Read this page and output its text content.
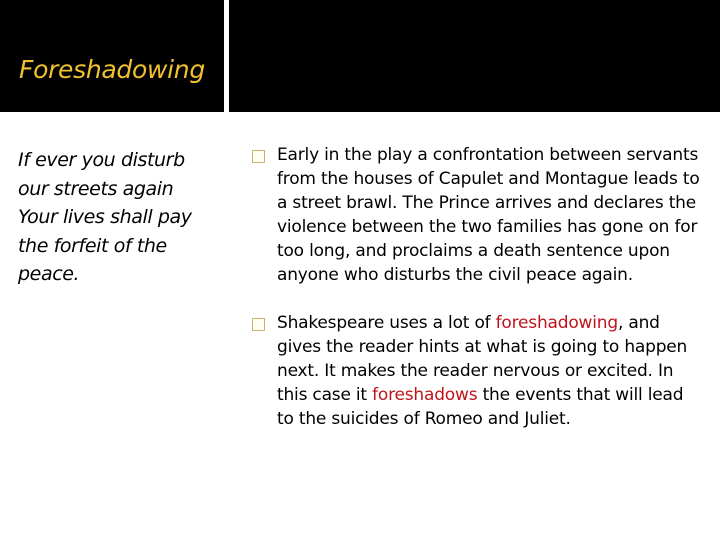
Foreshadowing
If ever you disturb
our streets again
Your lives shall pay
the forfeit of the
peace.
Early in the play a confrontation between servants from the houses of Capulet and Montague leads to a street brawl. The Prince arrives and declares the violence between the two families has gone on for too long, and proclaims a death sentence upon anyone who disturbs the civil peace again.
Shakespeare uses a lot of foreshadowing, and gives the reader hints at what is going to happen next. It makes the reader nervous or excited. In this case it foreshadows the events that will lead to the suicides of Romeo and Juliet.
